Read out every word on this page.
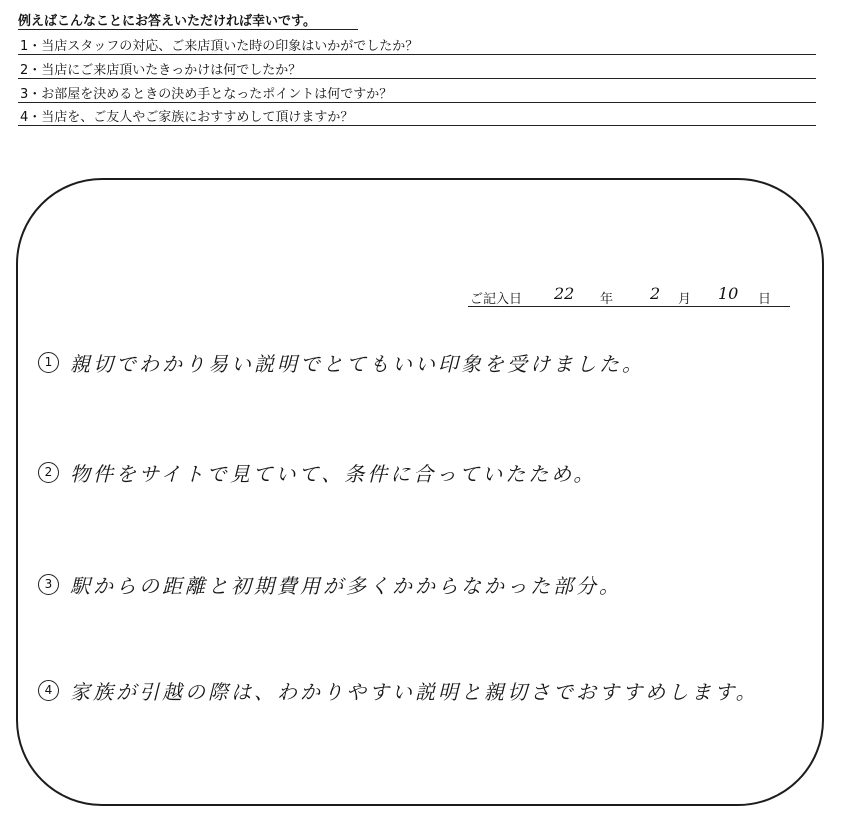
例えばこんなことにお答えいただければ幸いです。
1・当店スタッフの対応、ご来店頂いた時の印象はいかがでしたか？
2・当店にご来店頂いたきっかけは何でしたか？
3・お部屋を決めるときの決め手となったポイントは何ですか？
4・当店を、ご友人やご家族におすすめして頂けますか？
ご記入日 22 年 2 月 10 日
1 親切でわかり易い説明でとてもいい印象を受けました。
2 物件をサイトで見ていて、条件に合っていたため。
3 駅からの距離と初期費用が多くかからなかった部分。
4 家族が引越の際は、わかりやすい説明と親切さでおすすめします。
